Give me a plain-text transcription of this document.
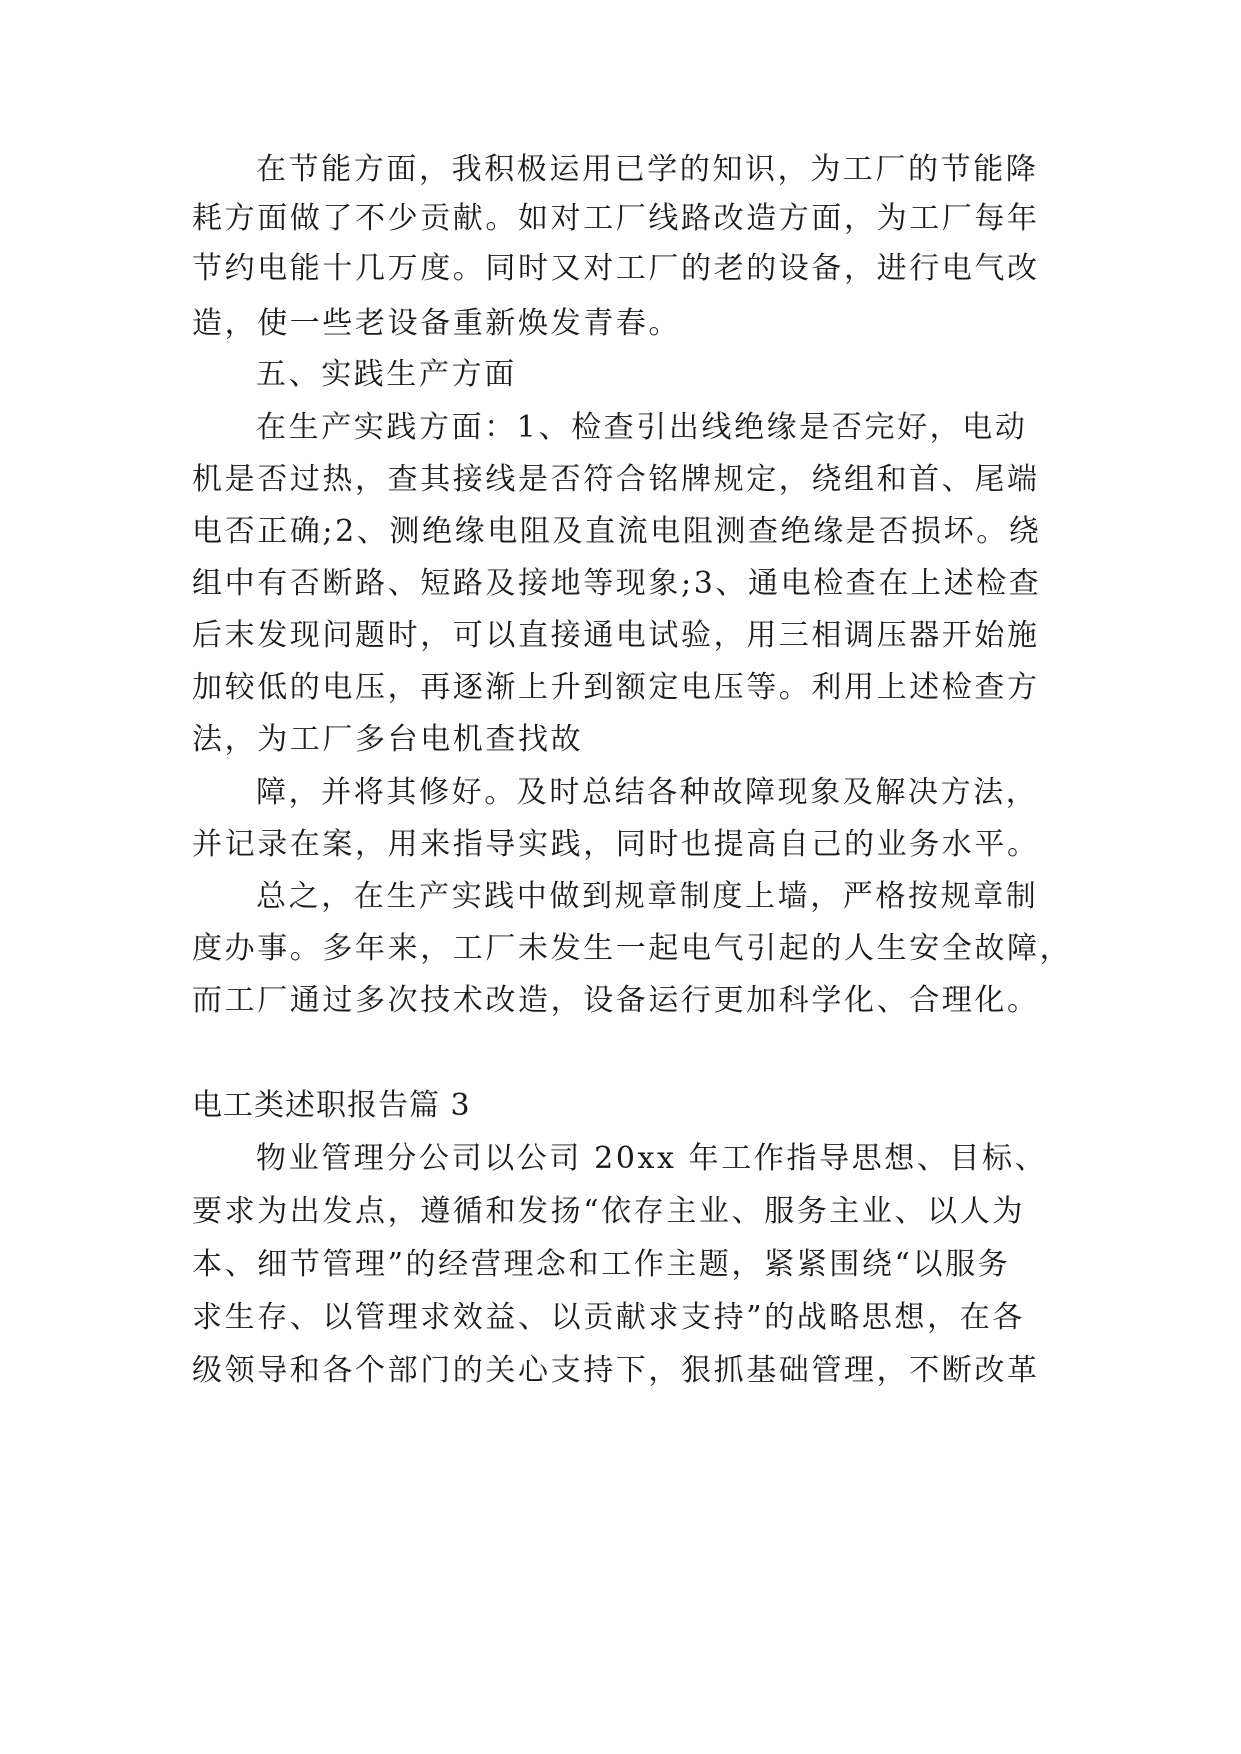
在节能方面，我积极运用已学的知识，为工厂的节能降
耗方面做了不少贡献。如对工厂线路改造方面，为工厂每年
节约电能十几万度。同时又对工厂的老的设备，进行电气改
造，使一些老设备重新焕发青春。
五、实践生产方面
在生产实践方面：1、检查引出线绝缘是否完好，电动
机是否过热，查其接线是否符合铭牌规定，绕组和首、尾端
电否正确;2、测绝缘电阻及直流电阻测查绝缘是否损坏。绕
组中有否断路、短路及接地等现象;3、通电检查在上述检查
后末发现问题时，可以直接通电试验，用三相调压器开始施
加较低的电压，再逐渐上升到额定电压等。利用上述检查方
法，为工厂多台电机查找故
障，并将其修好。及时总结各种故障现象及解决方法，
并记录在案，用来指导实践，同时也提高自己的业务水平。
总之，在生产实践中做到规章制度上墙，严格按规章制
度办事。多年来，工厂未发生一起电气引起的人生安全故障，
而工厂通过多次技术改造，设备运行更加科学化、合理化。
电工类述职报告篇 3
物业管理分公司以公司 20xx 年工作指导思想、目标、
要求为出发点，遵循和发扬“依存主业、服务主业、以人为
本、细节管理”的经营理念和工作主题，紧紧围绕“以服务
求生存、以管理求效益、以贡献求支持”的战略思想，在各
级领导和各个部门的关心支持下，狠抓基础管理，不断改革
